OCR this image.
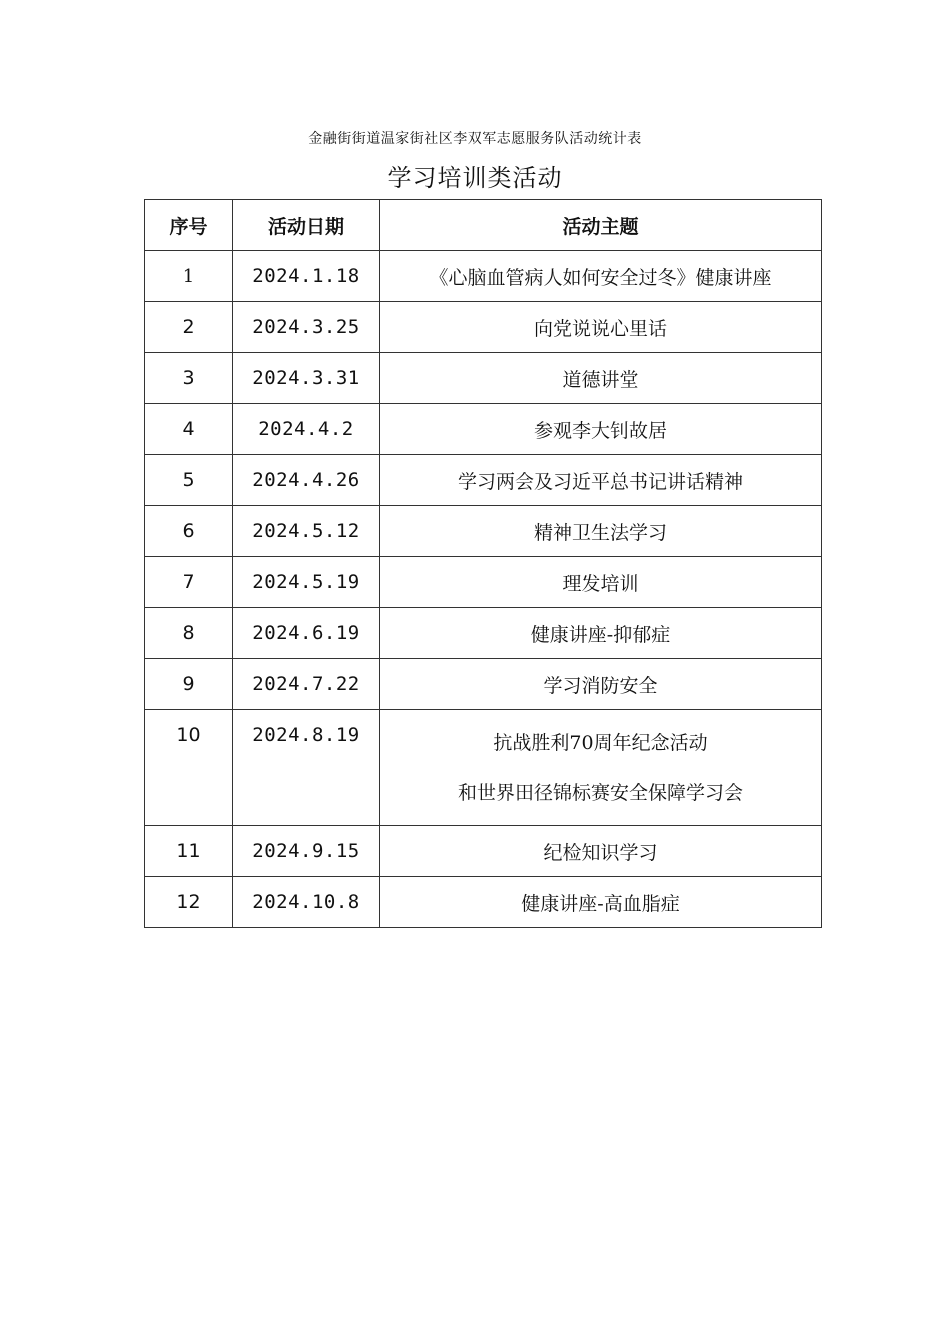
金融街街道温家街社区李双军志愿服务队活动统计表
学习培训类活动
序号	活动日期	活动主题
1	2024.1.18	《心脑血管病人如何安全过冬》健康讲座
2	2024.3.25	向党说说心里话
3	2024.3.31	道德讲堂
4	2024.4.2	参观李大钊故居
5	2024.4.26	学习两会及习近平总书记讲话精神
6	2024.5.12	精神卫生法学习
7	2024.5.19	理发培训
8	2024.6.19	健康讲座-抑郁症
9	2024.7.22	学习消防安全
10	2024.8.19	抗战胜利70周年纪念活动
和世界田径锦标赛安全保障学习会

11	2024.9.15	纪检知识学习
12	2024.10.8	健康讲座-高血脂症
